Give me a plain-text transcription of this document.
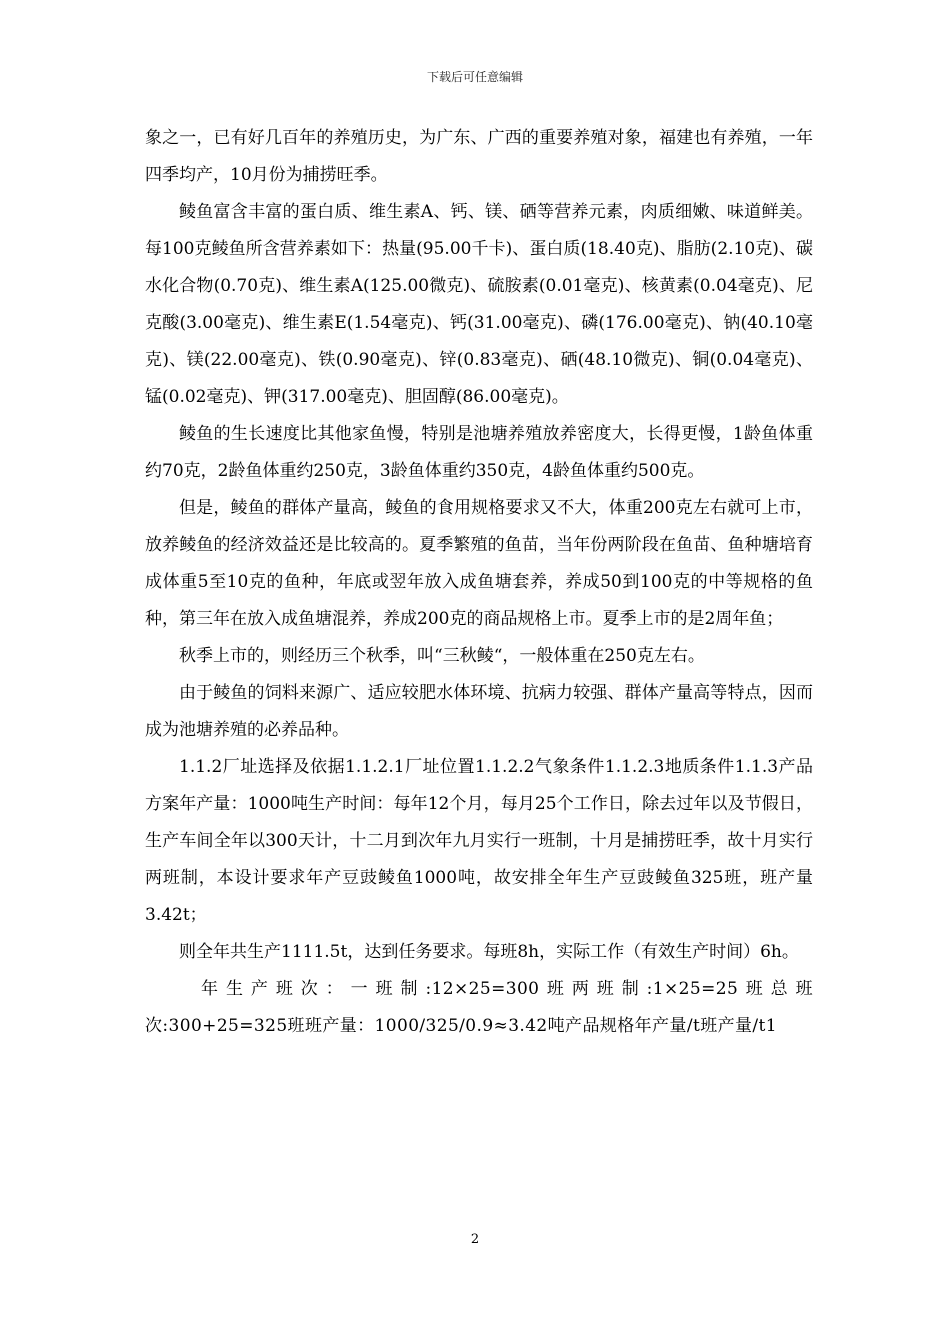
下载后可任意编辑

象之一，已有好几百年的养殖历史，为广东、广西的重要养殖对象，福建也有养殖，一年四季均产，10月份为捕捞旺季。

鲮鱼富含丰富的蛋白质、维生素A、钙、镁、硒等营养元素，肉质细嫩、味道鲜美。每100克鲮鱼所含营养素如下：热量(95.00千卡)、蛋白质(18.40克)、脂肪(2.10克)、碳水化合物(0.70克)、维生素A(125.00微克)、硫胺素(0.01毫克)、核黄素(0.04毫克)、尼克酸(3.00毫克)、维生素E(1.54毫克)、钙(31.00毫克)、磷(176.00毫克)、钠(40.10毫克)、镁(22.00毫克)、铁(0.90毫克)、锌(0.83毫克)、硒(48.10微克)、铜(0.04毫克)、锰(0.02毫克)、钾(317.00毫克)、胆固醇(86.00毫克)。

鲮鱼的生长速度比其他家鱼慢，特别是池塘养殖放养密度大，长得更慢，1龄鱼体重约70克，2龄鱼体重约250克，3龄鱼体重约350克，4龄鱼体重约500克。

但是，鲮鱼的群体产量高，鲮鱼的食用规格要求又不大，体重200克左右就可上市，放养鲮鱼的经济效益还是比较高的。夏季繁殖的鱼苗，当年份两阶段在鱼苗、鱼种塘培育成体重5至10克的鱼种，年底或翌年放入成鱼塘套养，养成50到100克的中等规格的鱼种，第三年在放入成鱼塘混养，养成200克的商品规格上市。夏季上市的是2周年鱼；

秋季上市的，则经历三个秋季，叫“三秋鲮“，一般体重在250克左右。

由于鲮鱼的饲料来源广、适应较肥水体环境、抗病力较强、群体产量高等特点，因而成为池塘养殖的必养品种。

1.1.2厂址选择及依据1.1.2.1厂址位置1.1.2.2气象条件1.1.2.3地质条件1.1.3产品方案年产量：1000吨生产时间：每年12个月，每月25个工作日，除去过年以及节假日，生产车间全年以300天计，十二月到次年九月实行一班制，十月是捕捞旺季，故十月实行两班制，本设计要求年产豆豉鲮鱼1000吨，故安排全年生产豆豉鲮鱼325班，班产量3.42t；

则全年共生产1111.5t，达到任务要求。每班8h，实际工作（有效生产时间）6h。

年生产班次：一班制:12×25=300班两班制:1×25=25班总班次:300+25=325班班产量：1000/325/0.9≈3.42吨产品规格年产量/t班产量/t1

2
